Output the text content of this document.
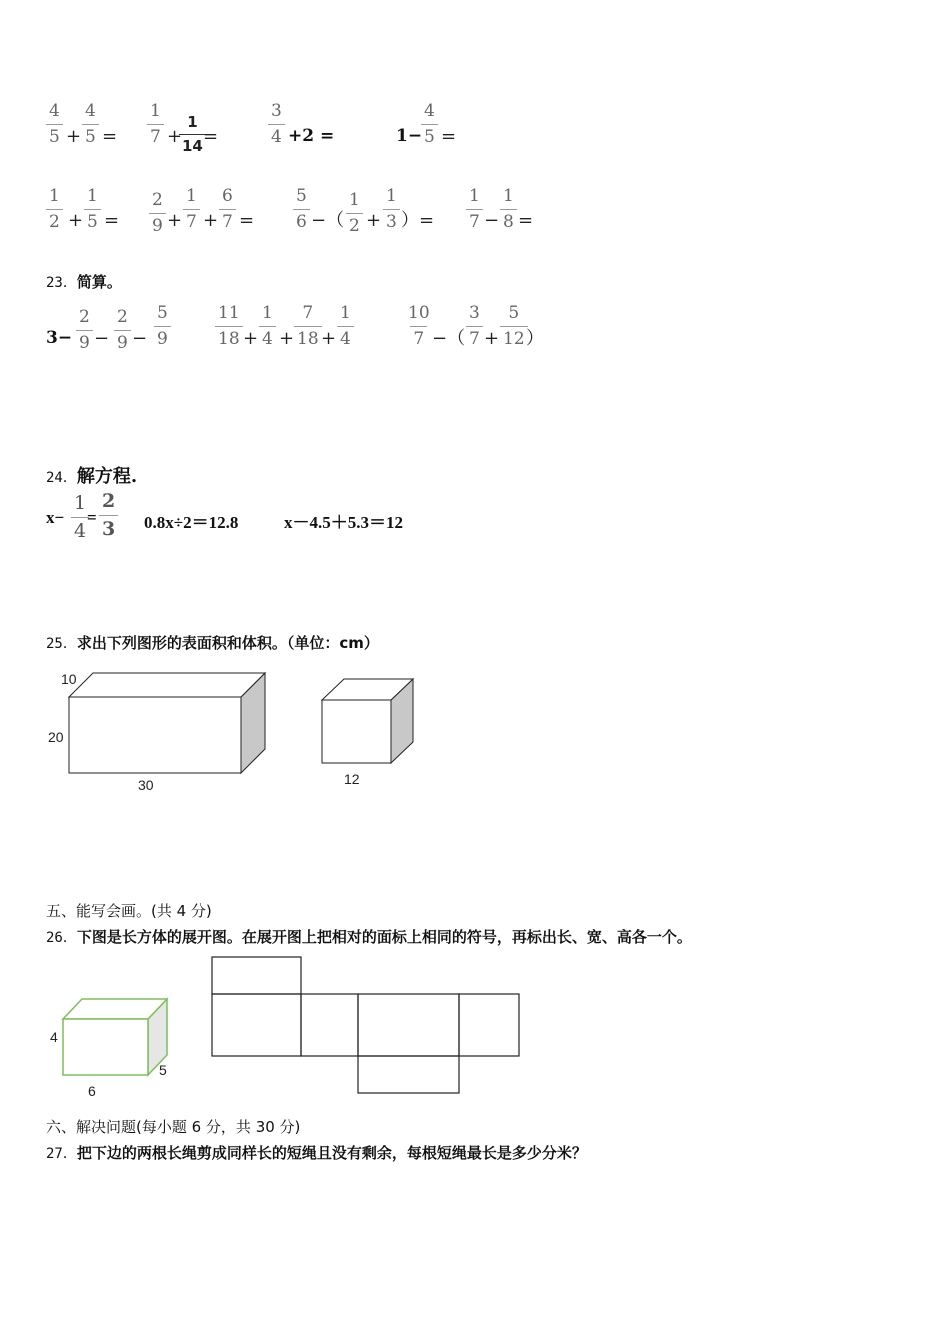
$\frac{4}{5} + \frac{4}{5} = \frac{1}{7}$ +
$\frac{1}{14}$
=	$\frac{3}{4} +2$ =	1−
$\frac{4}{5}$ =
$\frac{1}{2} + \frac{1}{5} = \frac{2}{9} + \frac{1}{7} + \frac{6}{7} = \frac{5}{6}$ −（ $\frac{1}{2} + \frac{1}{3}$ ）= $\frac{1}{7} - \frac{1}{8}$ =
23．简算。
$3- \frac{2}{9} - \frac{2}{9} - \frac{5}{9}$	$\frac{11}{18} + \frac{1}{4} + \frac{7}{18} + \frac{1}{4}$	$\frac{10}{7}$ −（ $\frac{3}{7} + \frac{5}{12}$
）
24．解方程.
$x- \frac{1}{4}$
= $\frac{2}{3} 0.8x\div 2=12.8$	x－4.5＋5.3＝12
25．求出下列图形的表面积和体积。（单位：cm）
10
20
30	12
五、能写会画。(共 4 分)
26．下图是长方体的展开图。在展开图上把相对的面标上相同的符号，再标出长、宽、高各一个。
4
6
5
六、解决问题(每小题 6 分，共 30 分)
27．把下边的两根长绳剪成同样长的短绳且没有剩余，每根短绳最长是多少分米？
